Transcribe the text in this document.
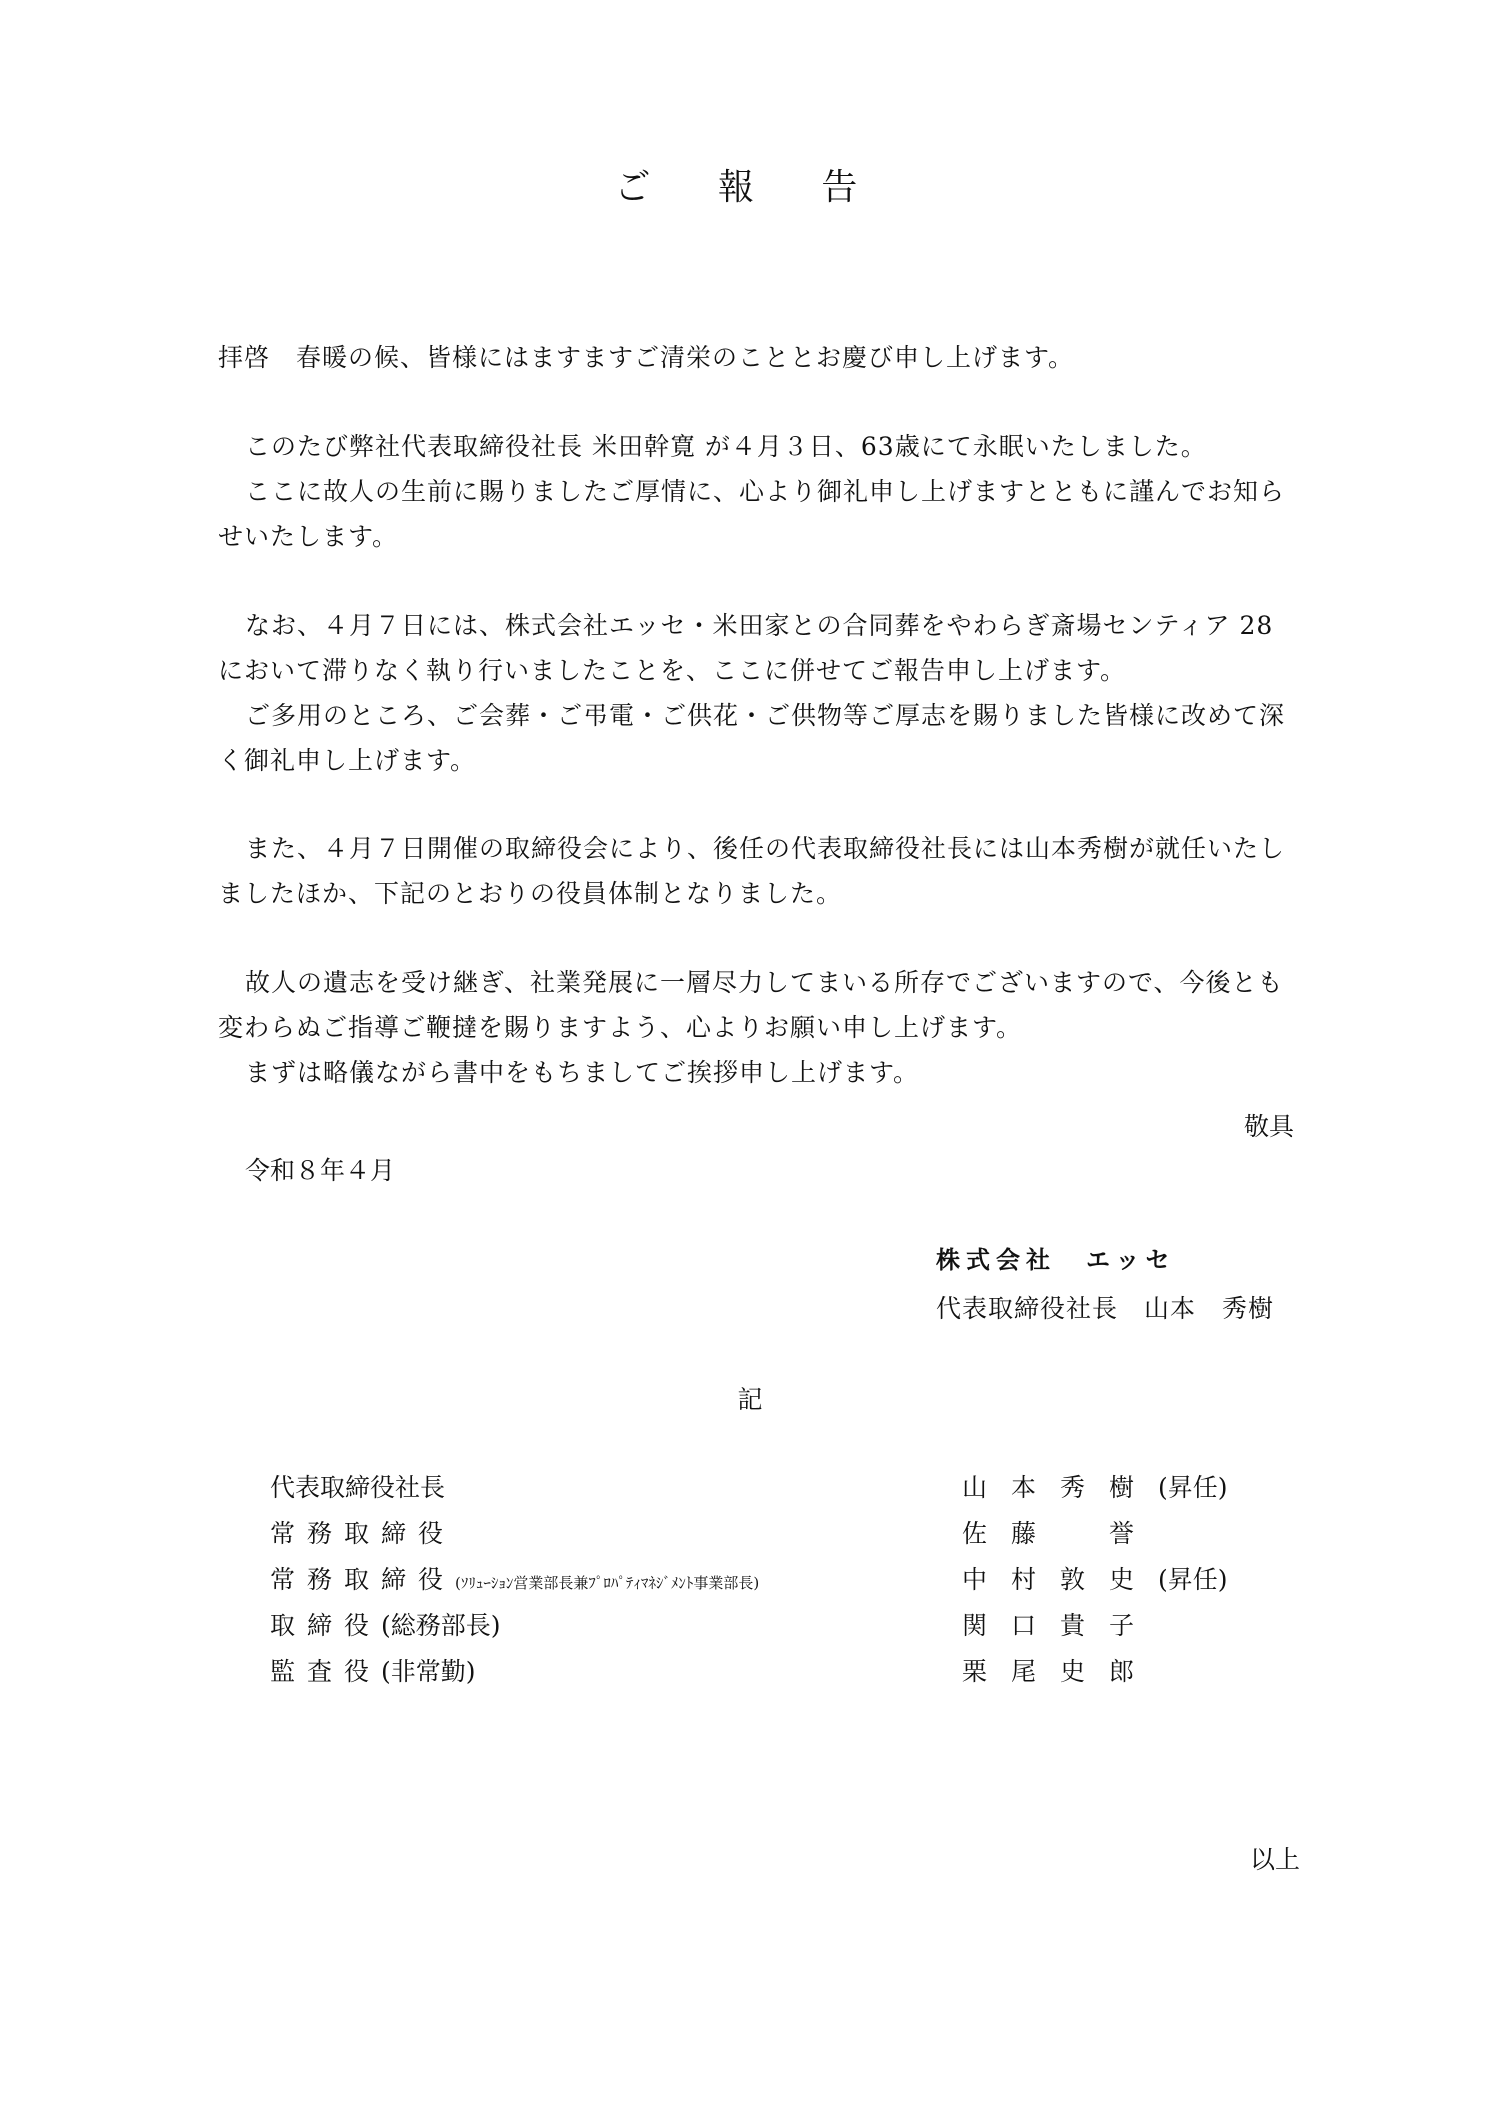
ご 報 告

拝啓　春暖の候、皆様にはますますご清栄のこととお慶び申し上げます。

このたび弊社代表取締役社長 米田幹寛 が４月３日、63歳にて永眠いたしました。

ここに故人の生前に賜りましたご厚情に、心より御礼申し上げますとともに謹んでお知らせいたします。

なお、４月７日には、株式会社エッセ・米田家との合同葬をやわらぎ斎場センティア 28において滞りなく執り行いましたことを、ここに併せてご報告申し上げます。

ご多用のところ、ご会葬・ご弔電・ご供花・ご供物等ご厚志を賜りました皆様に改めて深く御礼申し上げます。

また、４月７日開催の取締役会により、後任の代表取締役社長には山本秀樹が就任いたしましたほか、下記のとおりの役員体制となりました。

故人の遺志を受け継ぎ、社業発展に一層尽力してまいる所存でございますので、今後とも変わらぬご指導ご鞭撻を賜りますよう、心よりお願い申し上げます。

まずは略儀ながら書中をもちましてご挨拶申し上げます。

敬具
令和８年４月
株式会社　エッセ
代表取締役社長　山本　秀樹
記
代表取締役社長	山本秀樹(昇任)
常務取締役	佐藤　誉
常務取締役(ｿﾘｭｰｼｮﾝ営業部長兼ﾌﾟﾛﾊﾟﾃｨﾏﾈｼﾞﾒﾝﾄ事業部長)	中村敦史(昇任)
取締役(総務部長)	関口貴子
監査役(非常勤)	栗尾史郎
以上
